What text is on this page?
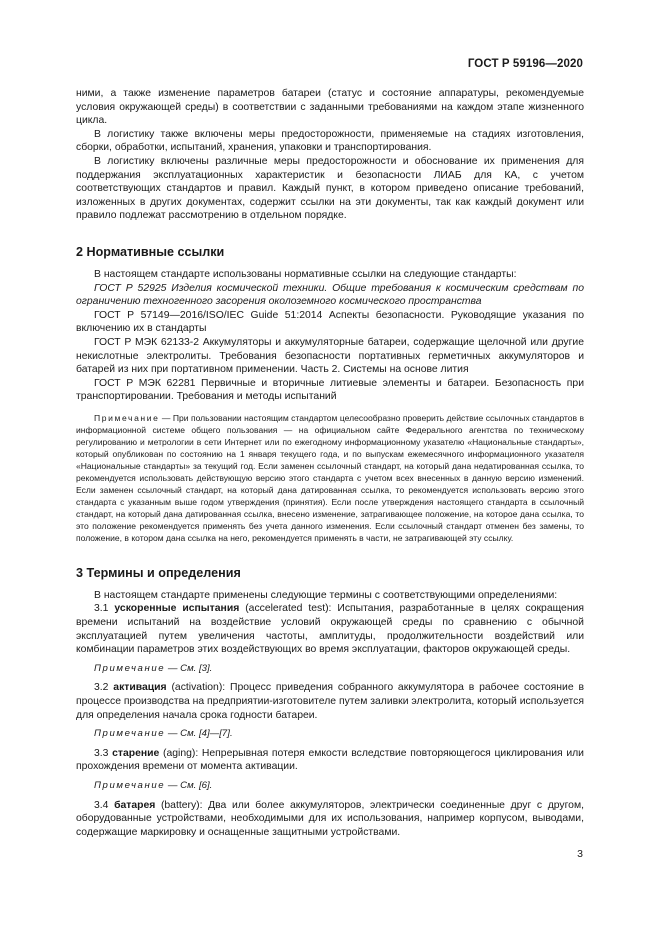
ГОСТ Р 59196—2020

ними, а также изменение параметров батареи (статус и состояние аппаратуры, рекомендуемые условия окружающей среды) в соответствии с заданными требованиями на каждом этапе жизненного цикла.

В логистику также включены меры предосторожности, применяемые на стадиях изготовления, сборки, обработки, испытаний, хранения, упаковки и транспортирования.

В логистику включены различные меры предосторожности и обоснование их применения для поддержания эксплуатационных характеристик и безопасности ЛИАБ для КА, с учетом соответствующих стандартов и правил. Каждый пункт, в котором приведено описание требований, изложенных в других документах, содержит ссылки на эти документы, так как каждый документ или правило подлежат рассмотрению в отдельном порядке.

2 Нормативные ссылки

В настоящем стандарте использованы нормативные ссылки на следующие стандарты:

ГОСТ Р 52925 Изделия космической техники. Общие требования к космическим средствам по ограничению техногенного засорения околоземного космического пространства

ГОСТ Р 57149—2016/ISO/IEC Guide 51:2014 Аспекты безопасности. Руководящие указания по включению их в стандарты

ГОСТ Р МЭК 62133-2 Аккумуляторы и аккумуляторные батареи, содержащие щелочной или другие некислотные электролиты. Требования безопасности портативных герметичных аккумуляторов и батарей из них при портативном применении. Часть 2. Системы на основе лития

ГОСТ Р МЭК 62281 Первичные и вторичные литиевые элементы и батареи. Безопасность при транспортировании. Требования и методы испытаний

Примечание — При пользовании настоящим стандартом целесообразно проверить действие ссылочных стандартов в информационной системе общего пользования — на официальном сайте Федерального агентства по техническому регулированию и метрологии в сети Интернет или по ежегодному информационному указателю «Национальные стандарты», который опубликован по состоянию на 1 января текущего года, и по выпускам ежемесячного информационного указателя «Национальные стандарты» за текущий год. Если заменен ссылочный стандарт, на который дана недатированная ссылка, то рекомендуется использовать действующую версию этого стандарта с учетом всех внесенных в данную версию изменений. Если заменен ссылочный стандарт, на который дана датированная ссылка, то рекомендуется использовать версию этого стандарта с указанным выше годом утверждения (принятия). Если после утверждения настоящего стандарта в ссылочный стандарт, на который дана датированная ссылка, внесено изменение, затрагивающее положение, на которое дана ссылка, то это положение рекомендуется применять без учета данного изменения. Если ссылочный стандарт отменен без замены, то положение, в котором дана ссылка на него, рекомендуется применять в части, не затрагивающей эту ссылку.

3 Термины и определения

В настоящем стандарте применены следующие термины с соответствующими определениями:

3.1 ускоренные испытания (accelerated test): Испытания, разработанные в целях сокращения времени испытаний на воздействие условий окружающей среды по сравнению с обычной эксплуатацией путем увеличения частоты, амплитуды, продолжительности воздействий или комбинации параметров этих воздействующих во время эксплуатации, факторов окружающей среды.

Примечание — См. [3].

3.2 активация (activation): Процесс приведения собранного аккумулятора в рабочее состояние в процессе производства на предприятии-изготовителе путем заливки электролита, который используется для определения начала срока годности батареи.

Примечание — См. [4]—[7].

3.3 старение (aging): Непрерывная потеря емкости вследствие повторяющегося циклирования или прохождения времени от момента активации.

Примечание — См. [6].

3.4 батарея (battery): Два или более аккумуляторов, электрически соединенные друг с другом, оборудованные устройствами, необходимыми для их использования, например корпусом, выводами, содержащие маркировку и оснащенные защитными устройствами.

3
